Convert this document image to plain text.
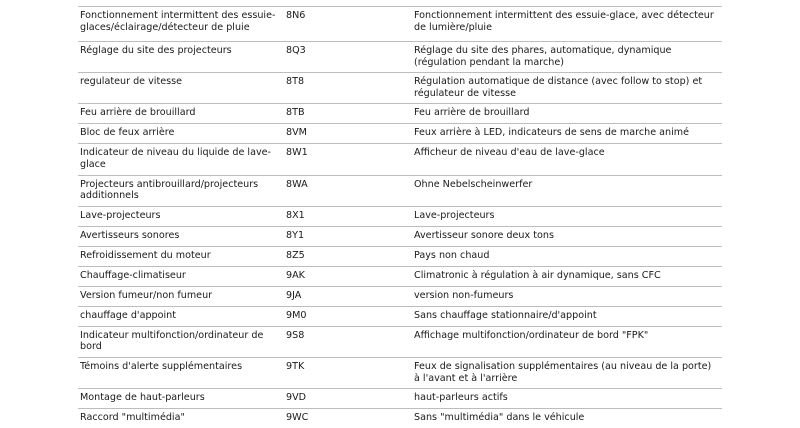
Fonctionnement intermittent des essuie-glaces/éclairage/détecteur de pluie	8N6	Fonctionnement intermittent des essuie-glace, avec détecteur de lumière/pluie
Réglage du site des projecteurs	8Q3	Réglage du site des phares, automatique, dynamique (régulation pendant la marche)
regulateur de vitesse	8T8	Régulation automatique de distance (avec follow to stop) et régulateur de vitesse
Feu arrière de brouillard	8TB	Feu arrière de brouillard
Bloc de feux arrière	8VM	Feux arrière à LED, indicateurs de sens de marche animé
Indicateur de niveau du liquide de lave-glace	8W1	Afficheur de niveau d'eau de lave-glace
Projecteurs antibrouillard/projecteurs additionnels	8WA	Ohne Nebelscheinwerfer
Lave-projecteurs	8X1	Lave-projecteurs
Avertisseurs sonores	8Y1	Avertisseur sonore deux tons
Refroidissement du moteur	8Z5	Pays non chaud
Chauffage-climatiseur	9AK	Climatronic à régulation à air dynamique, sans CFC
Version fumeur/non fumeur	9JA	version non-fumeurs
chauffage d'appoint	9M0	Sans chauffage stationnaire/d'appoint
Indicateur multifonction/ordinateur de bord	9S8	Affichage multifonction/ordinateur de bord "FPK"
Témoins d'alerte supplémentaires	9TK	Feux de signalisation supplémentaires (au niveau de la porte) à l'avant et à l'arrière
Montage de haut-parleurs	9VD	haut-parleurs actifs
Raccord "multimédia"	9WC	Sans "multimédia" dans le véhicule
